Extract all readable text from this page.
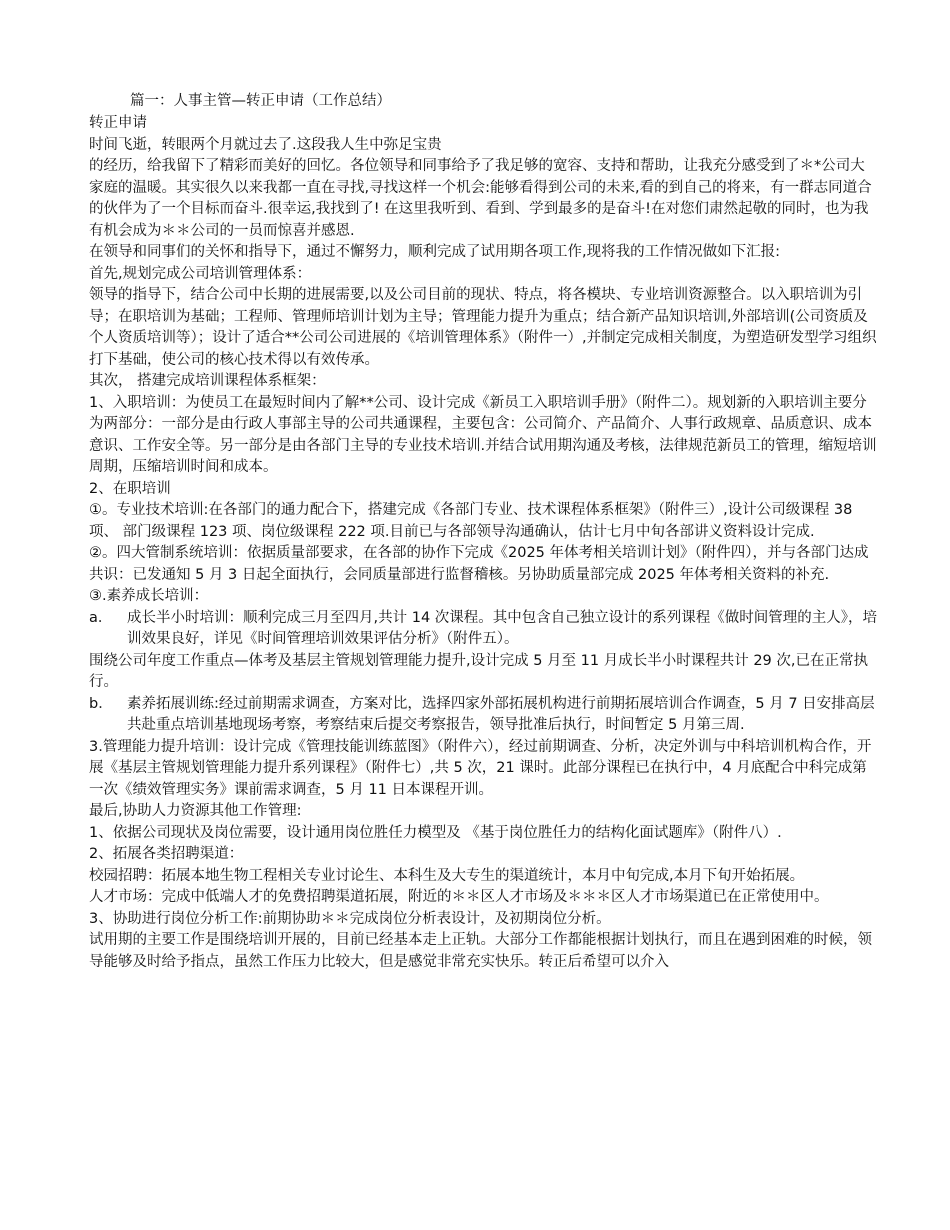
篇一：人事主管—转正申请（工作总结）

转正申请

时间飞逝，转眼两个月就过去了.这段我人生中弥足宝贵

的经历，给我留下了精彩而美好的回忆。各位领导和同事给予了我足够的宽容、支持和帮助，让我充分感受到了＊*公司大家庭的温暖。其实很久以来我都一直在寻找,寻找这样一个机会:能够看得到公司的未来,看的到自己的将来，有一群志同道合的伙伴为了一个目标而奋斗.很幸运,我找到了! 在这里我听到、看到、学到最多的是奋斗!在对您们肃然起敬的同时，也为我有机会成为＊＊公司的一员而惊喜并感恩.

在领导和同事们的关怀和指导下，通过不懈努力，顺利完成了试用期各项工作,现将我的工作情况做如下汇报:

首先,规划完成公司培训管理体系：

领导的指导下，结合公司中长期的进展需要,以及公司目前的现状、特点，将各模块、专业培训资源整合。以入职培训为引导；在职培训为基础；工程师、管理师培训计划为主导；管理能力提升为重点；结合新产品知识培训,外部培训(公司资质及个人资质培训等）；设计了适合**公司公司进展的《培训管理体系》（附件一）,并制定完成相关制度，为塑造研发型学习组织打下基础，使公司的核心技术得以有效传承。

其次， 搭建完成培训课程体系框架：

1、入职培训：为使员工在最短时间内了解**公司、设计完成《新员工入职培训手册》（附件二）。规划新的入职培训主要分为两部分：一部分是由行政人事部主导的公司共通课程，主要包含：公司简介、产品简介、人事行政规章、品质意识、成本意识、工作安全等。另一部分是由各部门主导的专业技术培训.并结合试用期沟通及考核，法律规范新员工的管理，缩短培训周期，压缩培训时间和成本。

2、在职培训

①。专业技术培训:在各部门的通力配合下，搭建完成《各部门专业、技术课程体系框架》（附件三）,设计公司级课程 38 项、 部门级课程 123 项、岗位级课程 222 项.目前已与各部领导沟通确认，估计七月中旬各部讲义资料设计完成.

②。四大管制系统培训：依据质量部要求，在各部的协作下完成《2025 年体考相关培训计划》（附件四），并与各部门达成共识：已发通知 5 月 3 日起全面执行，会同质量部进行监督稽核。另协助质量部完成 2025 年体考相关资料的补充.

③.素养成长培训：

a．	成长半小时培训：顺利完成三月至四月,共计 14 次课程。其中包含自己独立设计的系列课程《做时间管理的主人》，培训效果良好，详见《时间管理培训效果评估分析》（附件五）。

围绕公司年度工作重点—体考及基层主管规划管理能力提升,设计完成 5 月至 11 月成长半小时课程共计 29 次,已在正常执行。

b． 素养拓展训练:经过前期需求调查，方案对比，选择四家外部拓展机构进行前期拓展培训合作调查，5 月 7 日安排高层共赴重点培训基地现场考察，考察结束后提交考察报告，领导批准后执行，时间暂定 5 月第三周.

3.管理能力提升培训：设计完成《管理技能训练蓝图》（附件六），经过前期调查、分析，决定外训与中科培训机构合作，开展《基层主管规划管理能力提升系列课程》（附件七）,共 5 次，21 课时。此部分课程已在执行中，4 月底配合中科完成第一次《绩效管理实务》课前需求调查，5 月 11 日本课程开训。

最后,协助人力资源其他工作管理:

1、依据公司现状及岗位需要，设计通用岗位胜任力模型及 《基于岗位胜任力的结构化面试题库》（附件八）.

2、拓展各类招聘渠道：

校园招聘：拓展本地生物工程相关专业讨论生、本科生及大专生的渠道统计，本月中旬完成,本月下旬开始拓展。

人才市场：完成中低端人才的免费招聘渠道拓展，附近的＊＊区人才市场及＊＊＊区人才市场渠道已在正常使用中。

3、协助进行岗位分析工作:前期协助＊＊完成岗位分析表设计，及初期岗位分析。

试用期的主要工作是围绕培训开展的，目前已经基本走上正轨。大部分工作都能根据计划执行，而且在遇到困难的时候，领导能够及时给予指点，虽然工作压力比较大，但是感觉非常充实快乐。转正后希望可以介入
